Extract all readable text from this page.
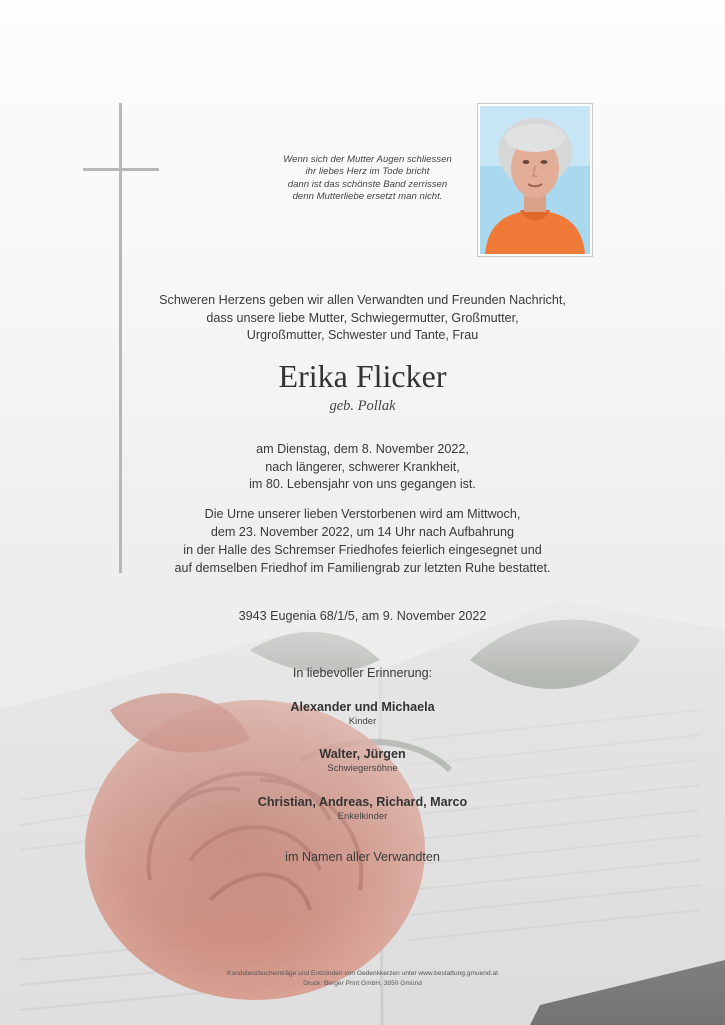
Wenn sich der Mutter Augen schliessen
ihr liebes Herz im Tode bricht
dann ist das schönste Band zerrissen
denn Mutterliebe ersetzt man nicht.
Schweren Herzens geben wir allen Verwandten und Freunden Nachricht,
dass unsere liebe Mutter, Schwiegermutter, Großmutter,
Urgroßmutter, Schwester und Tante, Frau
Erika Flicker
geb. Pollak
am Dienstag, dem 8. November 2022,
nach längerer, schwerer Krankheit,
im 80. Lebensjahr von uns gegangen ist.
Die Urne unserer lieben Verstorbenen wird am Mittwoch,
dem 23. November 2022, um 14 Uhr nach Aufbahrung
in der Halle des Schremser Friedhofes feierlich eingesegnet und
auf demselben Friedhof im Familiengrab zur letzten Ruhe bestattet.
3943 Eugenia 68/1/5, am 9. November 2022
In liebevoller Erinnerung:
Alexander und Michaela
Kinder
Walter, Jürgen
Schwiegersöhne
Christian, Andreas, Richard, Marco
Enkelkinder
im Namen aller Verwandten
Kondolenzbucheinträge und Entzünden von Gedenkkerzen unter www.bestattung.gmuend.at
Druck: Berger Print GmbH, 3950 Gmünd
